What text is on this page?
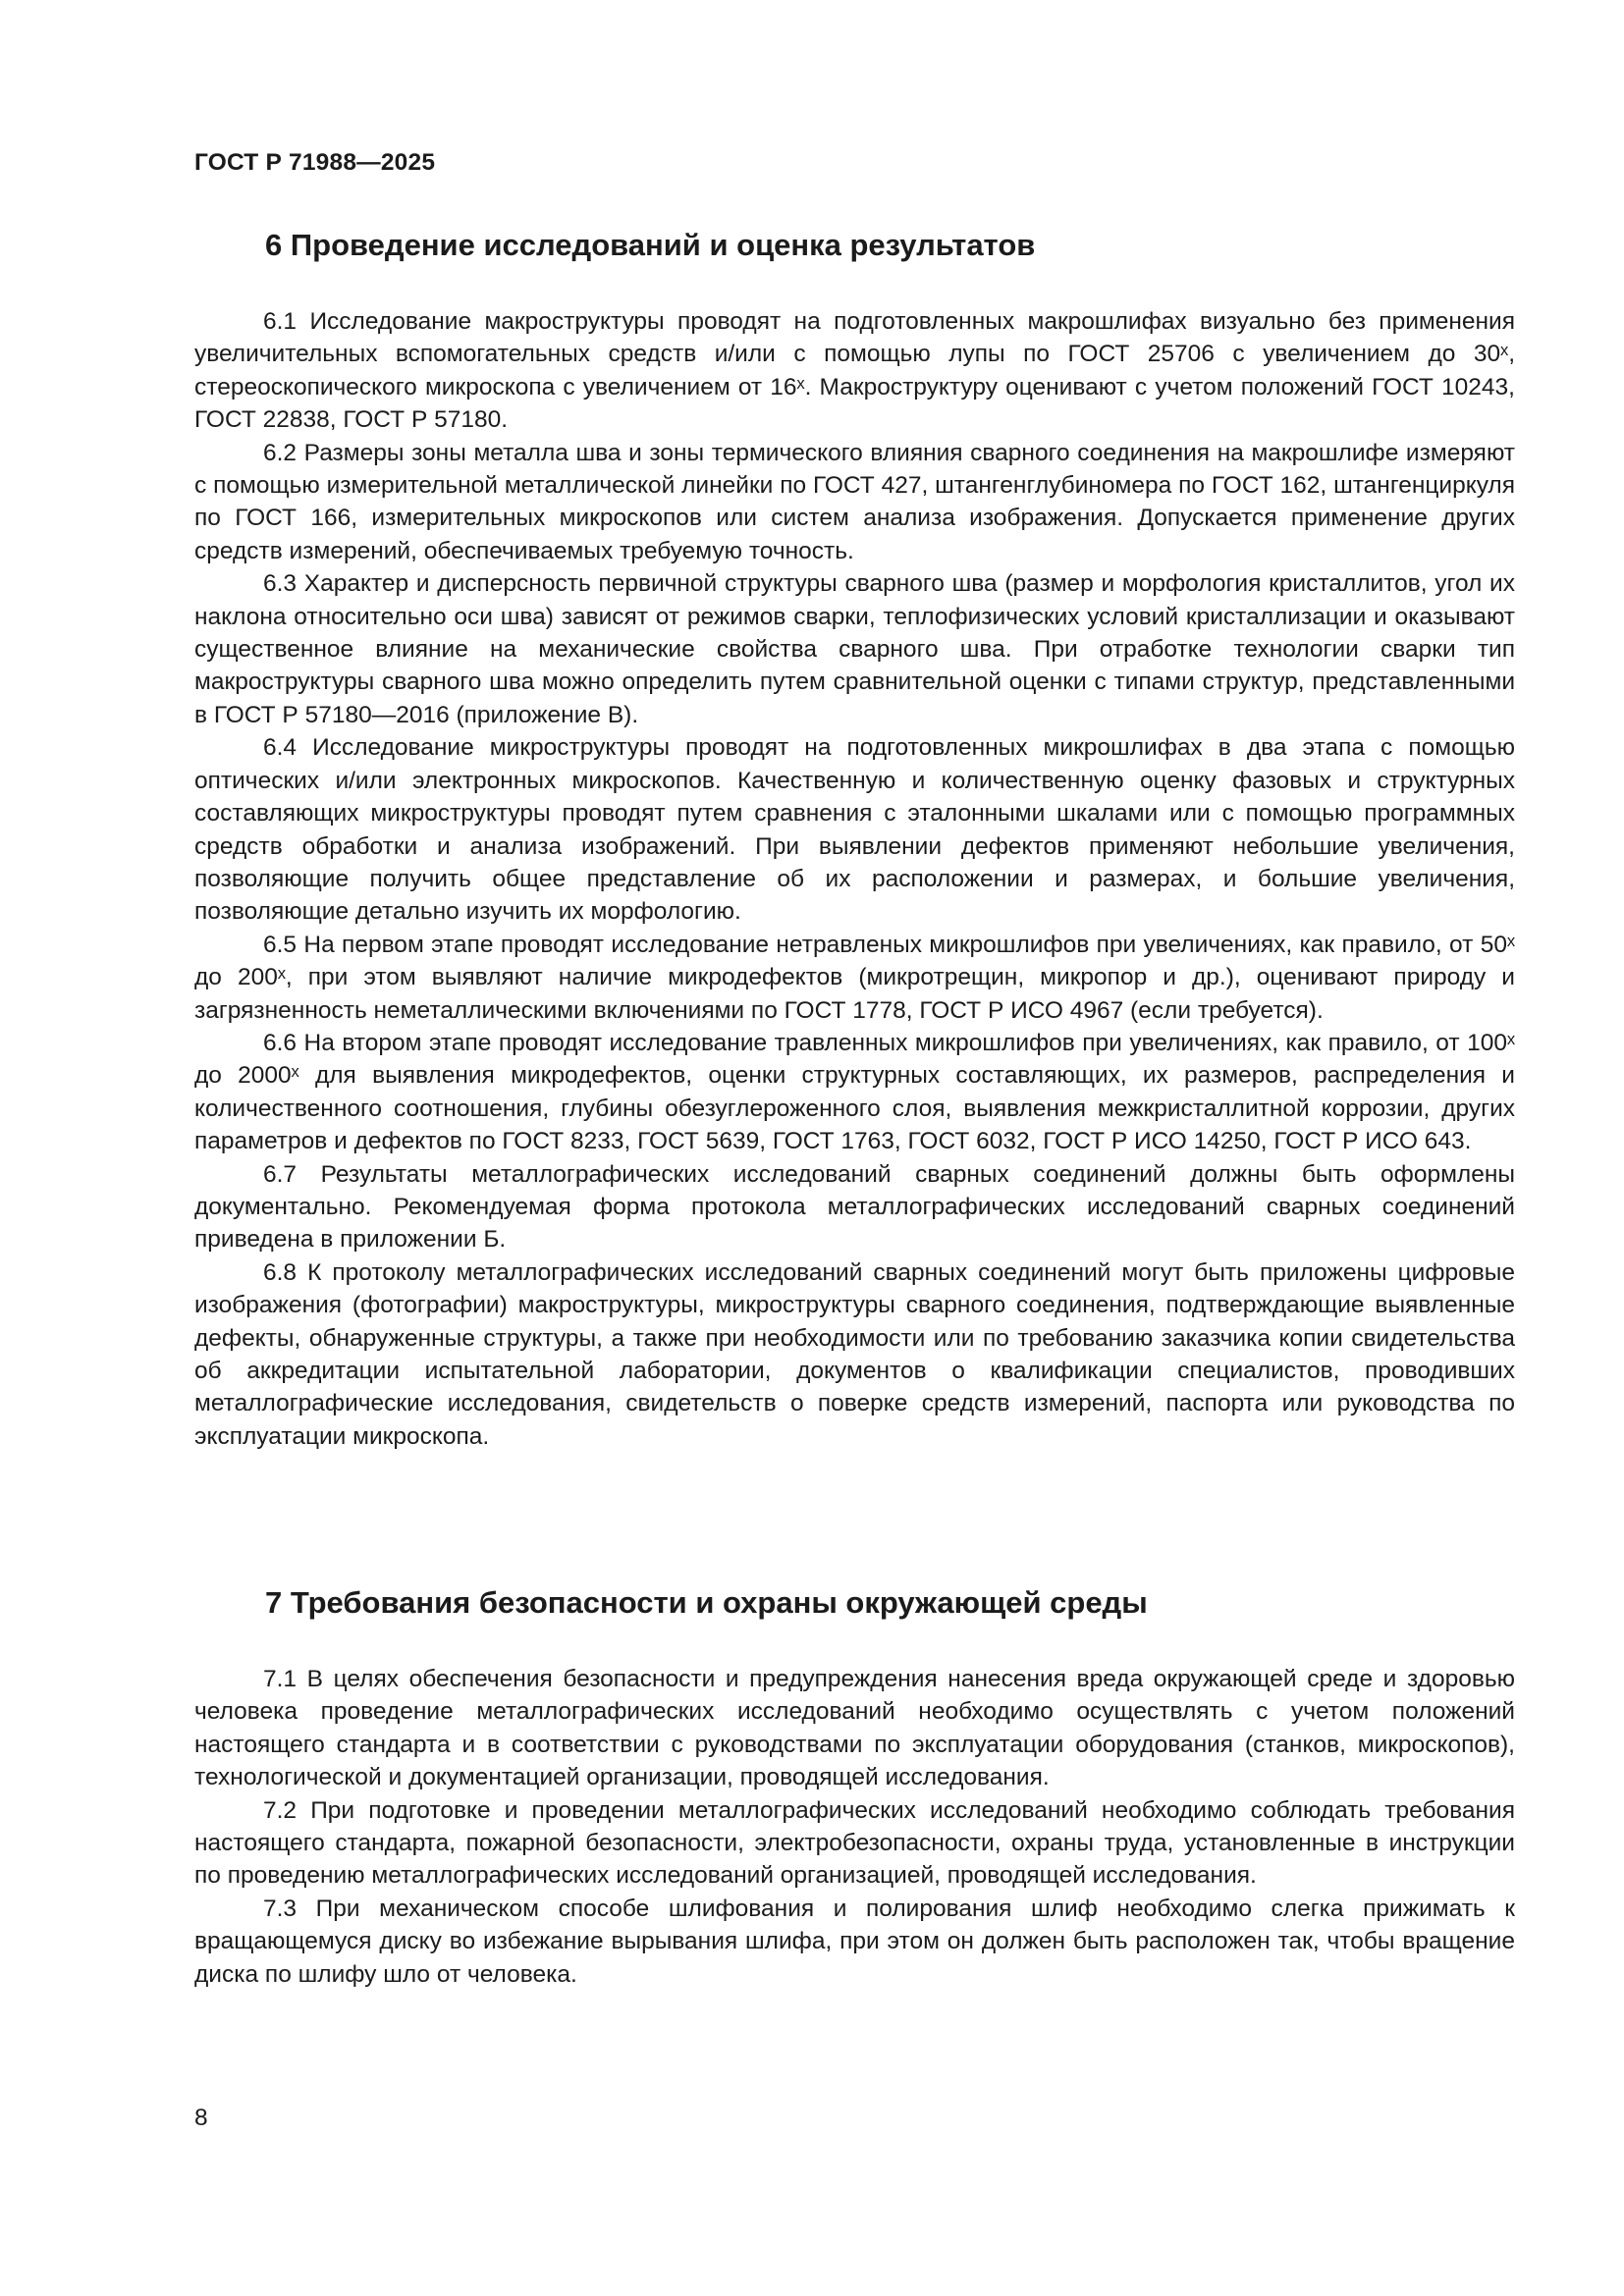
ГОСТ Р 71988—2025
6 Проведение исследований и оценка результатов

6.1 Исследование макроструктуры проводят на подготовленных макрошлифах визуально без применения увеличительных вспомогательных средств и/или с помощью лупы по ГОСТ 25706 с увеличением до 30ˣ, стереоскопического микроскопа с увеличением от 16ˣ. Макроструктуру оценивают с учетом положений ГОСТ 10243, ГОСТ 22838, ГОСТ Р 57180.

6.2 Размеры зоны металла шва и зоны термического влияния сварного соединения на макрошлифе измеряют с помощью измерительной металлической линейки по ГОСТ 427, штангенглубиномера по ГОСТ 162, штангенциркуля по ГОСТ 166, измерительных микроскопов или систем анализа изображения. Допускается применение других средств измерений, обеспечиваемых требуемую точность.

6.3 Характер и дисперсность первичной структуры сварного шва (размер и морфология кристаллитов, угол их наклона относительно оси шва) зависят от режимов сварки, теплофизических условий кристаллизации и оказывают существенное влияние на механические свойства сварного шва. При отработке технологии сварки тип макроструктуры сварного шва можно определить путем сравнительной оценки с типами структур, представленными в ГОСТ Р 57180—2016 (приложение В).

6.4 Исследование микроструктуры проводят на подготовленных микрошлифах в два этапа с помощью оптических и/или электронных микроскопов. Качественную и количественную оценку фазовых и структурных составляющих микроструктуры проводят путем сравнения с эталонными шкалами или с помощью программных средств обработки и анализа изображений. При выявлении дефектов применяют небольшие увеличения, позволяющие получить общее представление об их расположении и размерах, и большие увеличения, позволяющие детально изучить их морфологию.

6.5 На первом этапе проводят исследование нетравленых микрошлифов при увеличениях, как правило, от 50ˣ до 200ˣ, при этом выявляют наличие микродефектов (микротрещин, микропор и др.), оценивают природу и загрязненность неметаллическими включениями по ГОСТ 1778, ГОСТ Р ИСО 4967 (если требуется).

6.6 На втором этапе проводят исследование травленных микрошлифов при увеличениях, как правило, от 100ˣ до 2000ˣ для выявления микродефектов, оценки структурных составляющих, их размеров, распределения и количественного соотношения, глубины обезуглероженного слоя, выявления межкристаллитной коррозии, других параметров и дефектов по ГОСТ 8233, ГОСТ 5639, ГОСТ 1763, ГОСТ 6032, ГОСТ Р ИСО 14250, ГОСТ Р ИСО 643.

6.7 Результаты металлографических исследований сварных соединений должны быть оформлены документально. Рекомендуемая форма протокола металлографических исследований сварных соединений приведена в приложении Б.

6.8 К протоколу металлографических исследований сварных соединений могут быть приложены цифровые изображения (фотографии) макроструктуры, микроструктуры сварного соединения, подтверждающие выявленные дефекты, обнаруженные структуры, а также при необходимости или по требованию заказчика копии свидетельства об аккредитации испытательной лаборатории, документов о квалификации специалистов, проводивших металлографические исследования, свидетельств о поверке средств измерений, паспорта или руководства по эксплуатации микроскопа.

7 Требования безопасности и охраны окружающей среды

7.1 В целях обеспечения безопасности и предупреждения нанесения вреда окружающей среде и здоровью человека проведение металлографических исследований необходимо осуществлять с учетом положений настоящего стандарта и в соответствии с руководствами по эксплуатации оборудования (станков, микроскопов), технологической и документацией организации, проводящей исследования.

7.2 При подготовке и проведении металлографических исследований необходимо соблюдать требования настоящего стандарта, пожарной безопасности, электробезопасности, охраны труда, установленные в инструкции по проведению металлографических исследований организацией, проводящей исследования.

7.3 При механическом способе шлифования и полирования шлиф необходимо слегка прижимать к вращающемуся диску во избежание вырывания шлифа, при этом он должен быть расположен так, чтобы вращение диска по шлифу шло от человека.

8
